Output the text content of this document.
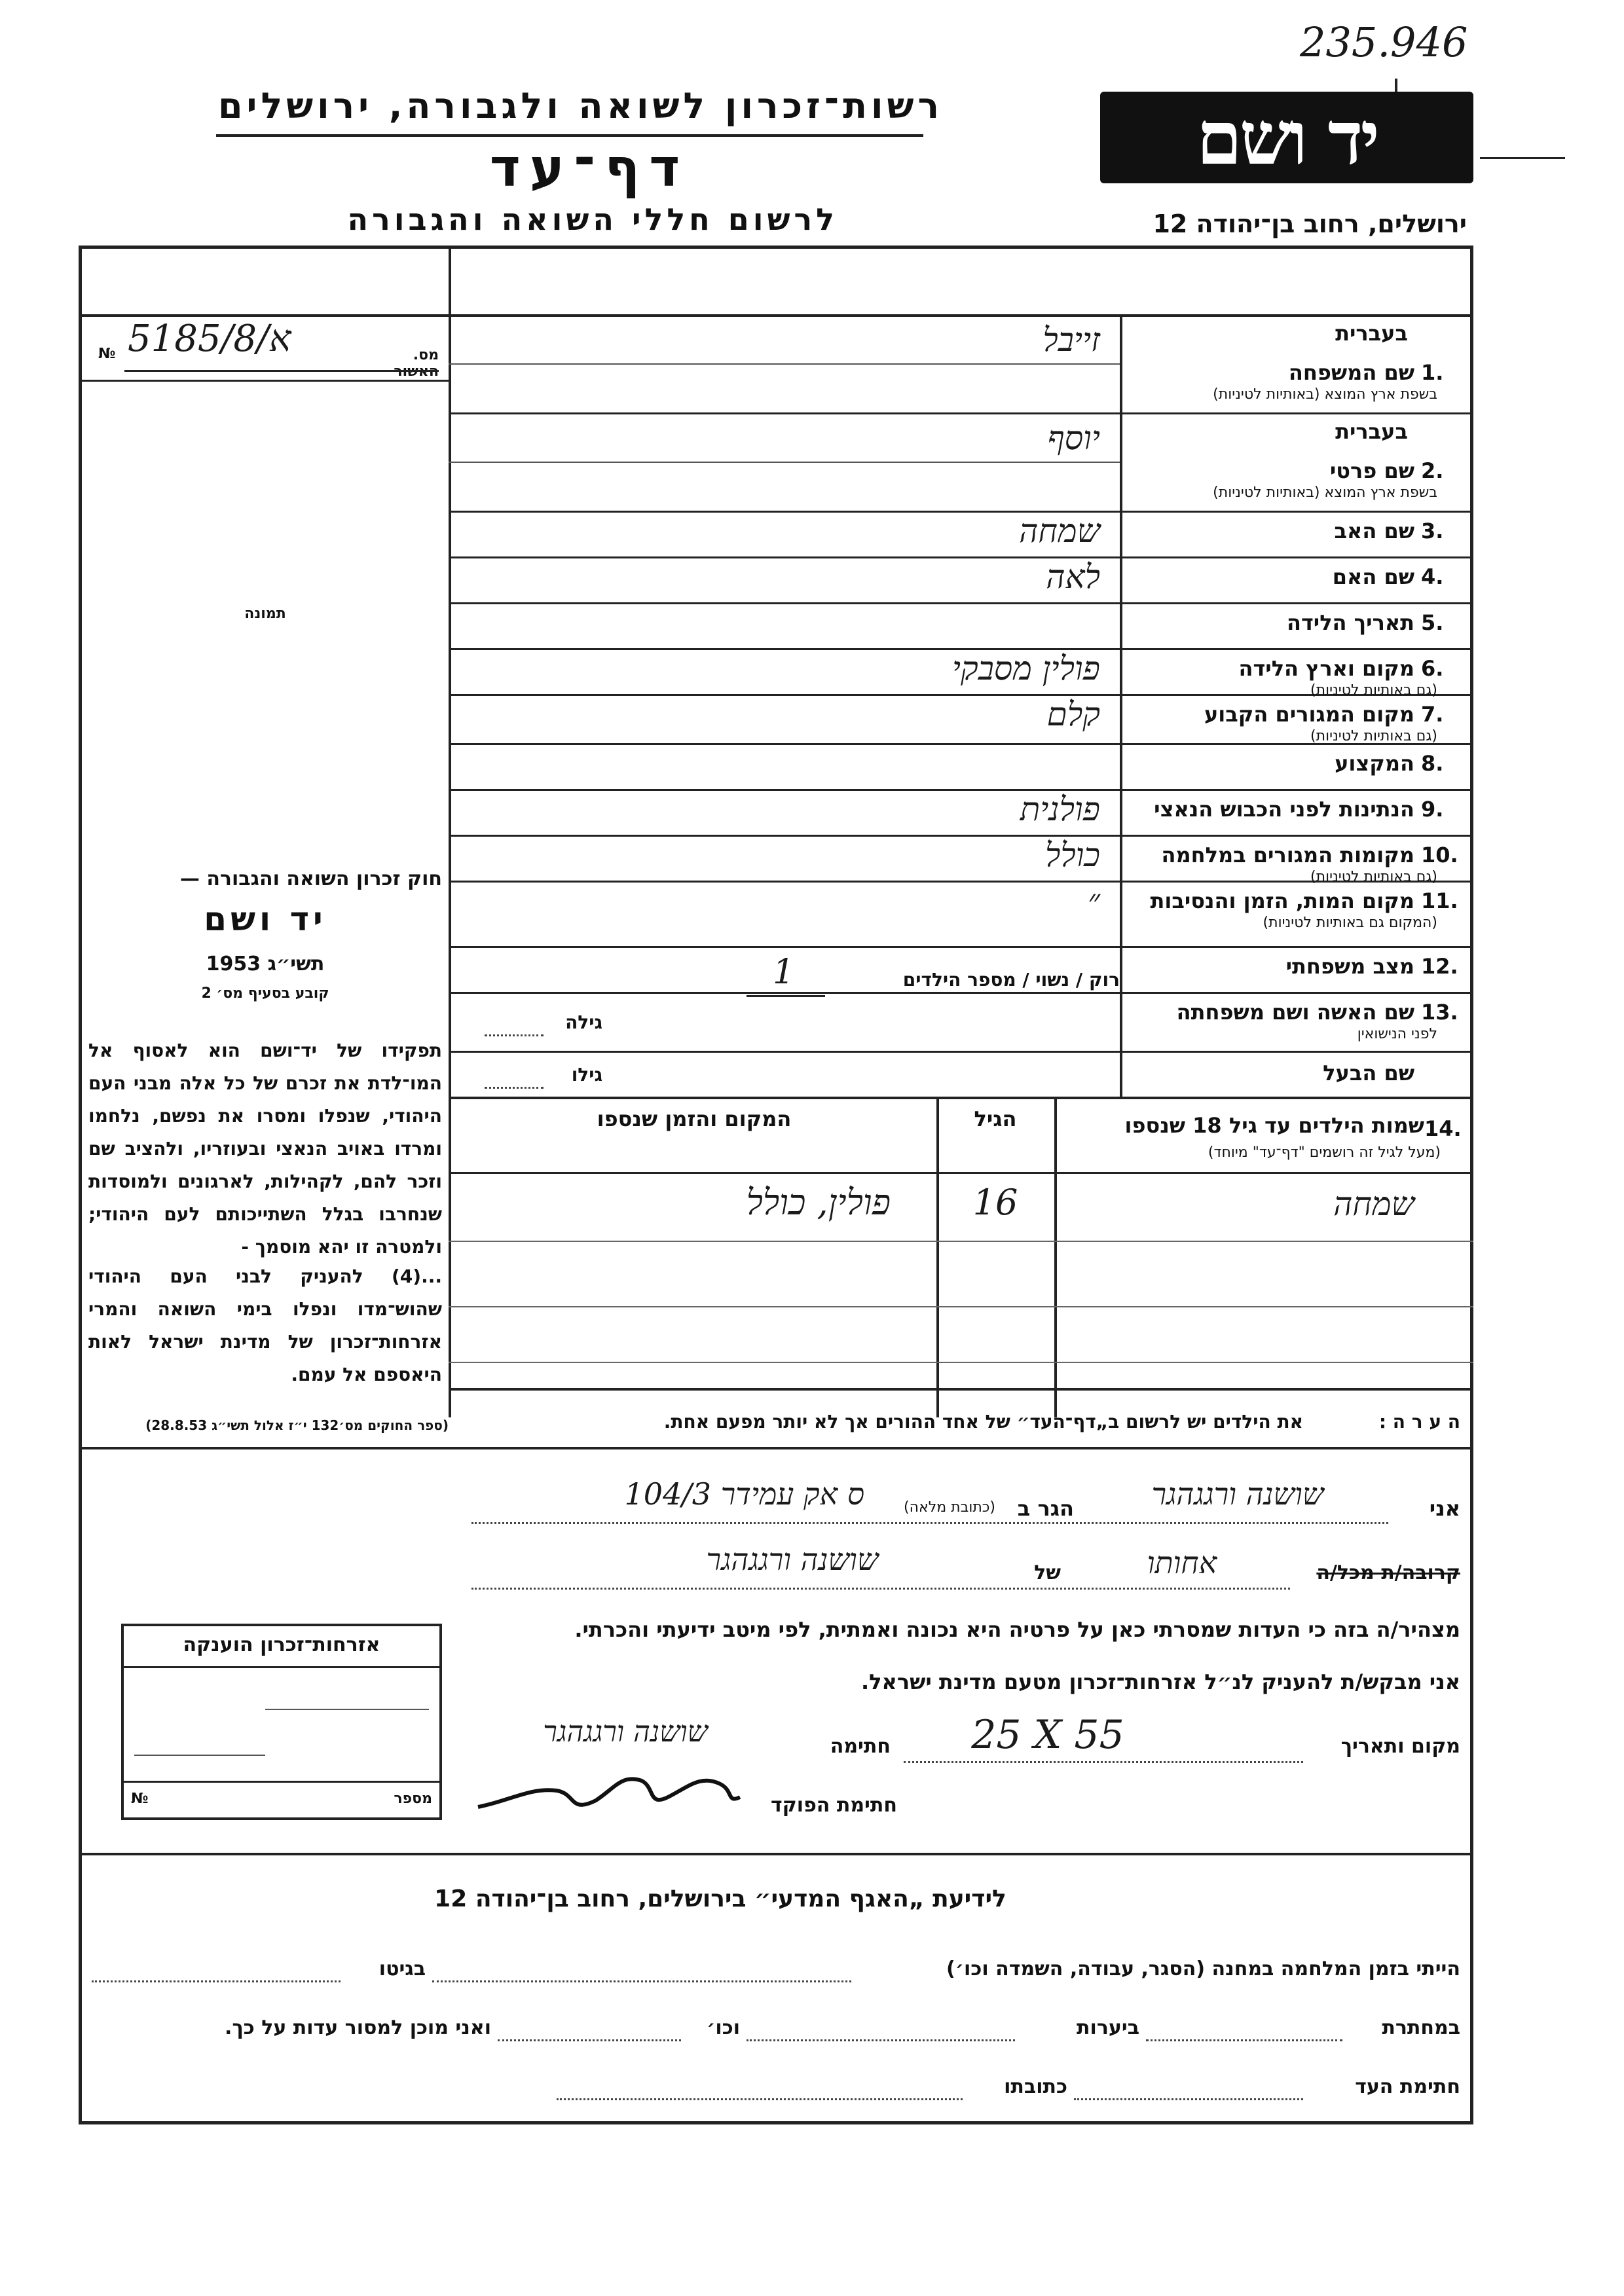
235.946
יד ושם
רשות־זכרון לשואה ולגבורה, ירושלים
דף־עד
לרשום חללי השואה והגבורה	ירושלים, רחוב בן־יהודה 12
מס.
№ א/5185/8
תמונה
1.
בעברית
שם המשפחה
בשפת ארץ המוצא (באותיות לטיניות)
זייבל
2.
בעברית
שם פרטי
בשפת ארץ המוצא (באותיות לטיניות)
יוסף
3.
שם האב
שמחה
4.
שם האם
לאה
5.
תאריך הלידה
6.
מקום וארץ הלידה
(גם באותיות לטיניות)
פולין מסבקי
7.
מקום המגורים הקבוע
(גם באותיות לטיניות)
קלם
8.
המקצוע
9.
הנתינות לפני הכבוש הנאצי
פולנית
10.
מקומות המגורים במלחמה
(גם באותיות לטיניות)
כולל
11.
מקום המות, הזמן והנסיבות
(המקום גם באותיות לטיניות)
״
12.
מצב משפחתי
13.
שם האשה ושם משפחתה
לפני הנישואין
שם הבעל
גילה
גילו
רוק / נשוי / מספר הילדים
1
14.
שמות הילדים עד גיל 18 שנספו
(מעל לגיל זה רושמים "דף־עד" מיוחד)
הגיל
המקום והזמן שנספו
שמחה
16
פולין, כולל
חוק זכרון השואה והגבורה —
יד ושם
תשי״ג 1953
קובע בסעיף מס׳ 2
תפקידו של יד־ושם הוא לאסוף אל המו־לדת את זכרם של כל אלה מבני העם היהודי, שנפלו ומסרו את נפשם, נלחמו ומרדו באויב הנאצי ובעוזריו, ולהציב שם וזכר להם, לקהילות, לארגונים ולמוסדות שנחרבו בגלל השתייכותם לעם היהודי; ולמטרה זו יהא מוסמך -
...(4) להעניק לבני העם היהודי שהוש־מדו ונפלו בימי השואה והמרי אזרחות־זכרון של מדינת ישראל לאות היאספם אל עמם.
(ספר החוקים מס׳132 י״ז אלול תשי״ג 28.8.53)	ה ע ר ה :
את הילדים יש לרשום ב„דף־העד״ של אחד ההורים אך לא יותר מפעם אחת.
אני
שושנה ורגגהגר
הגר ב
(כתובת מלאה)
ס אק עמידר 104/3
קרובה/ת מכל/ה
אחותו
של
שושנה ורגגהגר
מצהיר/ה בזה כי העדות שמסרתי כאן על פרטיה היא נכונה ואמתית, לפי מיטב ידיעתי והכרתי.
אני מבקש/ת להעניק לנ״ל אזרחות־זכרון מטעם מדינת ישראל.
מקום ותאריך
25 X 55
חתימה
שושנה ורגגהגר
חתימת הפוקד
אזרחות־זכרון הוענקה
מספר
№
לידיעת „האגף המדעי״ בירושלים, רחוב בן־יהודה 12
הייתי בזמן המלחמה במחנה (הסגר, עבודה, השמדה וכו׳)
בגיטו
במחתרת
ביערות
וכו׳
ואני מוכן למסור עדות על כך.
חתימת העד
כתובתו
